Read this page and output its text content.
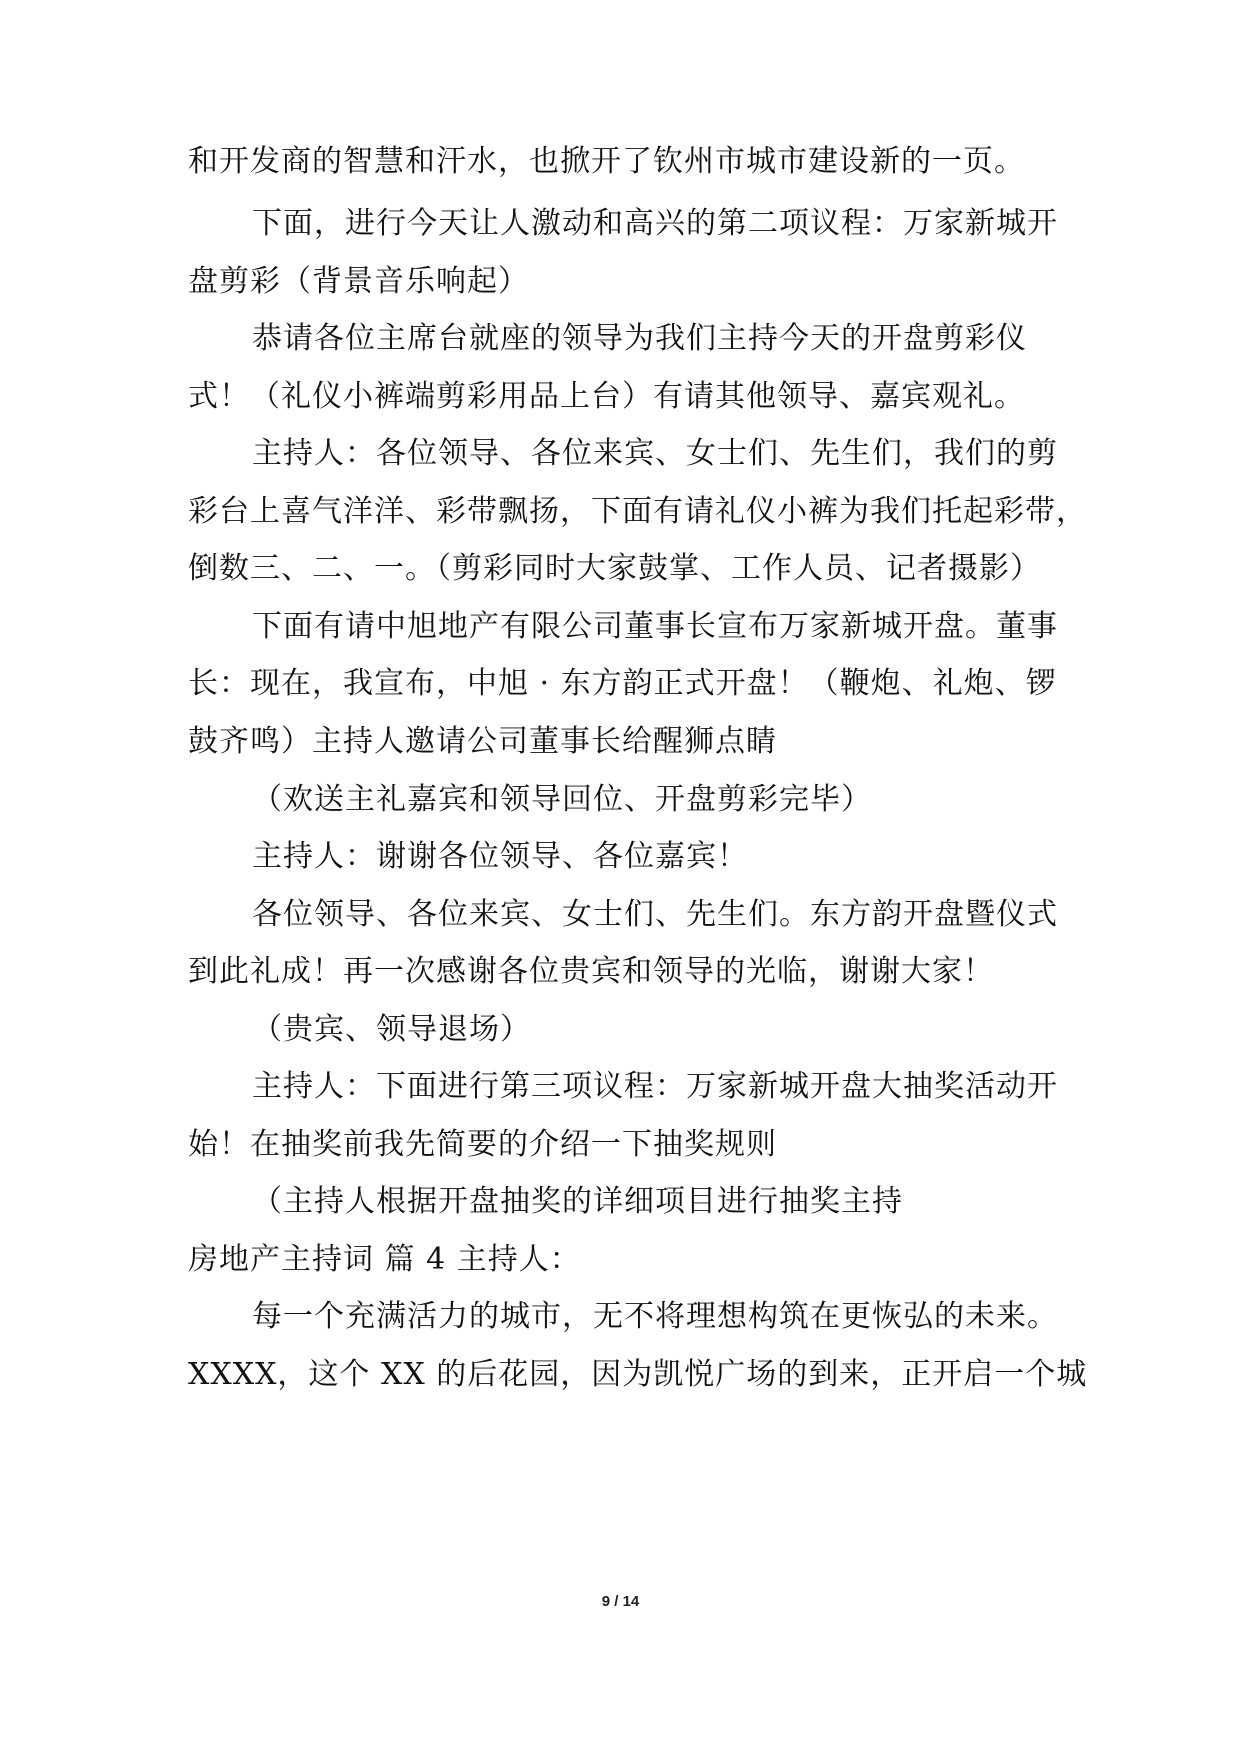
和开发商的智慧和汗水，也掀开了钦州市城市建设新的一页。
下面，进行今天让人激动和高兴的第二项议程：万家新城开
盘剪彩（背景音乐响起）
恭请各位主席台就座的领导为我们主持今天的开盘剪彩仪
式！（礼仪小裤端剪彩用品上台）有请其他领导、嘉宾观礼。
主持人：各位领导、各位来宾、女士们、先生们，我们的剪
彩台上喜气洋洋、彩带飘扬，下面有请礼仪小裤为我们托起彩带，
倒数三、二、一。（剪彩同时大家鼓掌、工作人员、记者摄影）
下面有请中旭地产有限公司董事长宣布万家新城开盘。董事
长：现在，我宣布，中旭 · 东方韵正式开盘！（鞭炮、礼炮、锣
鼓齐鸣）主持人邀请公司董事长给醒狮点睛
（欢送主礼嘉宾和领导回位、开盘剪彩完毕）
主持人：谢谢各位领导、各位嘉宾！
各位领导、各位来宾、女士们、先生们。东方韵开盘暨仪式
到此礼成！再一次感谢各位贵宾和领导的光临，谢谢大家！
（贵宾、领导退场）
主持人：下面进行第三项议程：万家新城开盘大抽奖活动开
始！在抽奖前我先简要的介绍一下抽奖规则
（主持人根据开盘抽奖的详细项目进行抽奖主持
房地产主持词 篇 4 主持人：
每一个充满活力的城市，无不将理想构筑在更恢弘的未来。
XXXX，这个 XX 的后花园，因为凯悦广场的到来，正开启一个城
9 / 14
